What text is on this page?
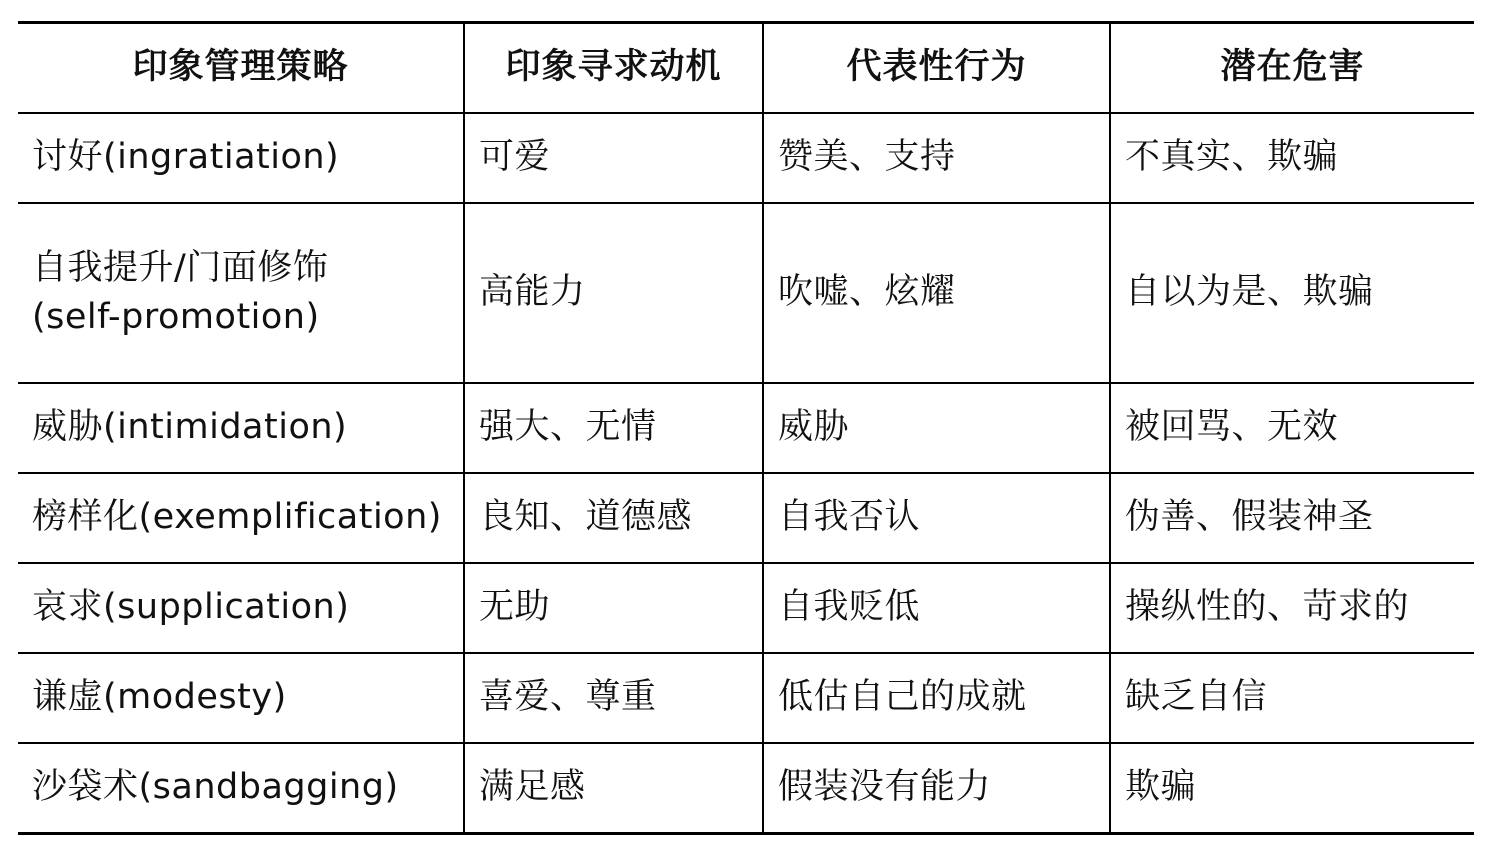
印象管理策略	印象寻求动机	代表性行为	潜在危害
讨好(ingratiation)	可爱	赞美、支持	不真实、欺骗

自我提升/门面修饰
(self-promotion)	高能力	吹嘘、炫耀	自以为是、欺骗
威胁(intimidation)	强大、无情	威胁	被回骂、无效
榜样化(exemplification)	良知、道德感	自我否认	伪善、假装神圣
哀求(supplication)	无助	自我贬低	操纵性的、苛求的
谦虚(modesty)	喜爱、尊重	低估自己的成就	缺乏自信
沙袋术(sandbagging)	满足感	假装没有能力	欺骗
